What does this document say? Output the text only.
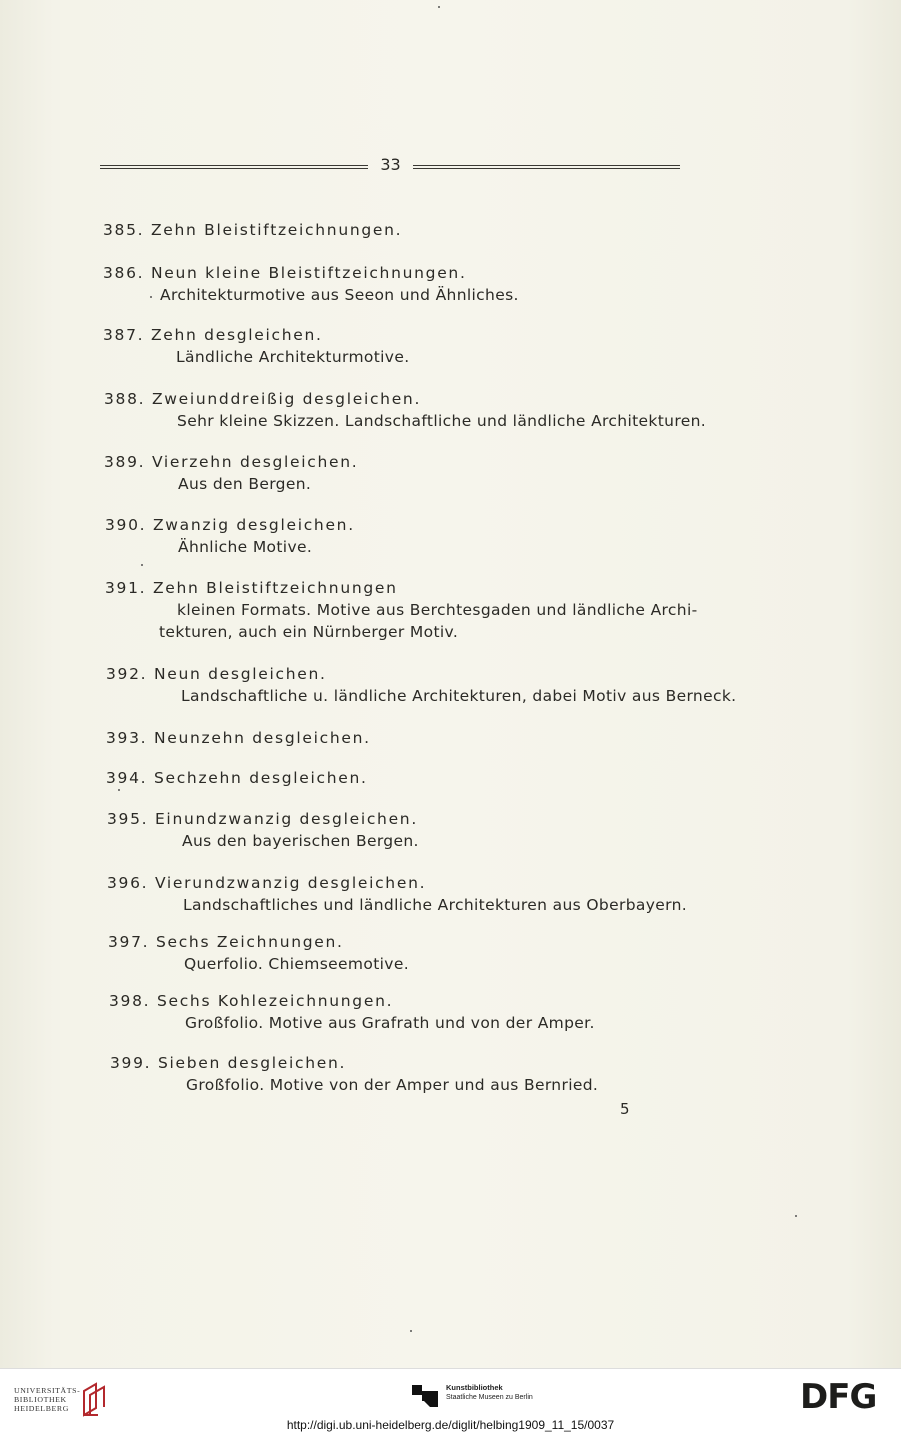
33
385. Zehn Bleistiftzeichnungen.
386. Neun kleine Bleistiftzeichnungen.
Architekturmotive aus Seeon und Ähnliches.
387. Zehn desgleichen.
Ländliche Architekturmotive.
388. Zweiunddreißig desgleichen.
Sehr kleine Skizzen. Landschaftliche und ländliche Architekturen.
389. Vierzehn desgleichen.
Aus den Bergen.
390. Zwanzig desgleichen.
Ähnliche Motive.
391. Zehn Bleistiftzeichnungen
kleinen Formats. Motive aus Berchtesgaden und ländliche Archi-
tekturen, auch ein Nürnberger Motiv.
392. Neun desgleichen.
Landschaftliche u. ländliche Architekturen, dabei Motiv aus Berneck.
393. Neunzehn desgleichen.
394. Sechzehn desgleichen.
395. Einundzwanzig desgleichen.
Aus den bayerischen Bergen.
396. Vierundzwanzig desgleichen.
Landschaftliches und ländliche Architekturen aus Oberbayern.
397. Sechs Zeichnungen.
Querfolio. Chiemseemotive.
398. Sechs Kohlezeichnungen.
Großfolio. Motive aus Grafrath und von der Amper.
399. Sieben desgleichen.
Großfolio. Motive von der Amper und aus Bernried.
5
UNIVERSITÄTS-
BIBLIOTHEK
HEIDELBERG
Kunstbibliothek
Staatliche Museen zu Berlin	DFG
http://digi.ub.uni-heidelberg.de/diglit/helbing1909_11_15/0037
